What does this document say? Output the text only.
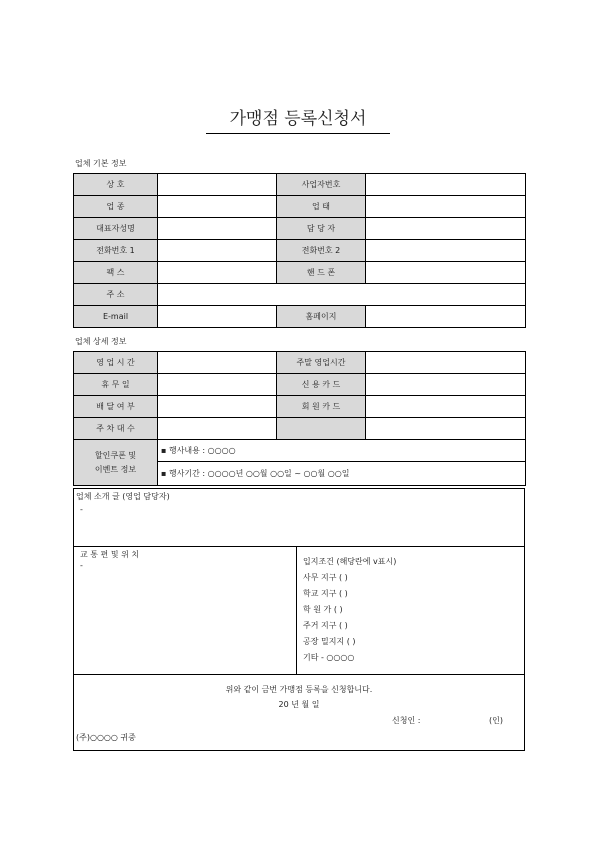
가맹점 등록신청서
업체 기본 정보
상 호		사업자번호	
업 종		업 태	
대표자성명		담 당 자	
전화번호 1		전화번호 2	
팩 스		핸 드 폰	
주 소			
E-mail		홈페이지	
업체 상세 정보
영 업 시 간		주말 영업시간	
휴 무 일		신 용 카 드	
배 달 여 부		회 원 카 드	
주 차 대 수			

할인쿠폰 및
이벤트 정보	▪ 행사내용 : ○○○○		
	▪ 행사기간 : ○○○○년 ○○월 ○○일 ~ ○○월 ○○일		
업체 소개 글 (영업 담당자)
-
교 통 편 및 위 치
-	입지조건 (해당란에 v표시)
사무 지구 ( )
학교 지구 ( )
학 원 가 ( )
주거 지구 ( )
공장 밀지지 ( )
기타 - ○○○○
위와 같이 금번 가맹점 등록을 신청합니다.
20 년 월 일
신청인 :	(인)
(주)○○○○ 귀중
